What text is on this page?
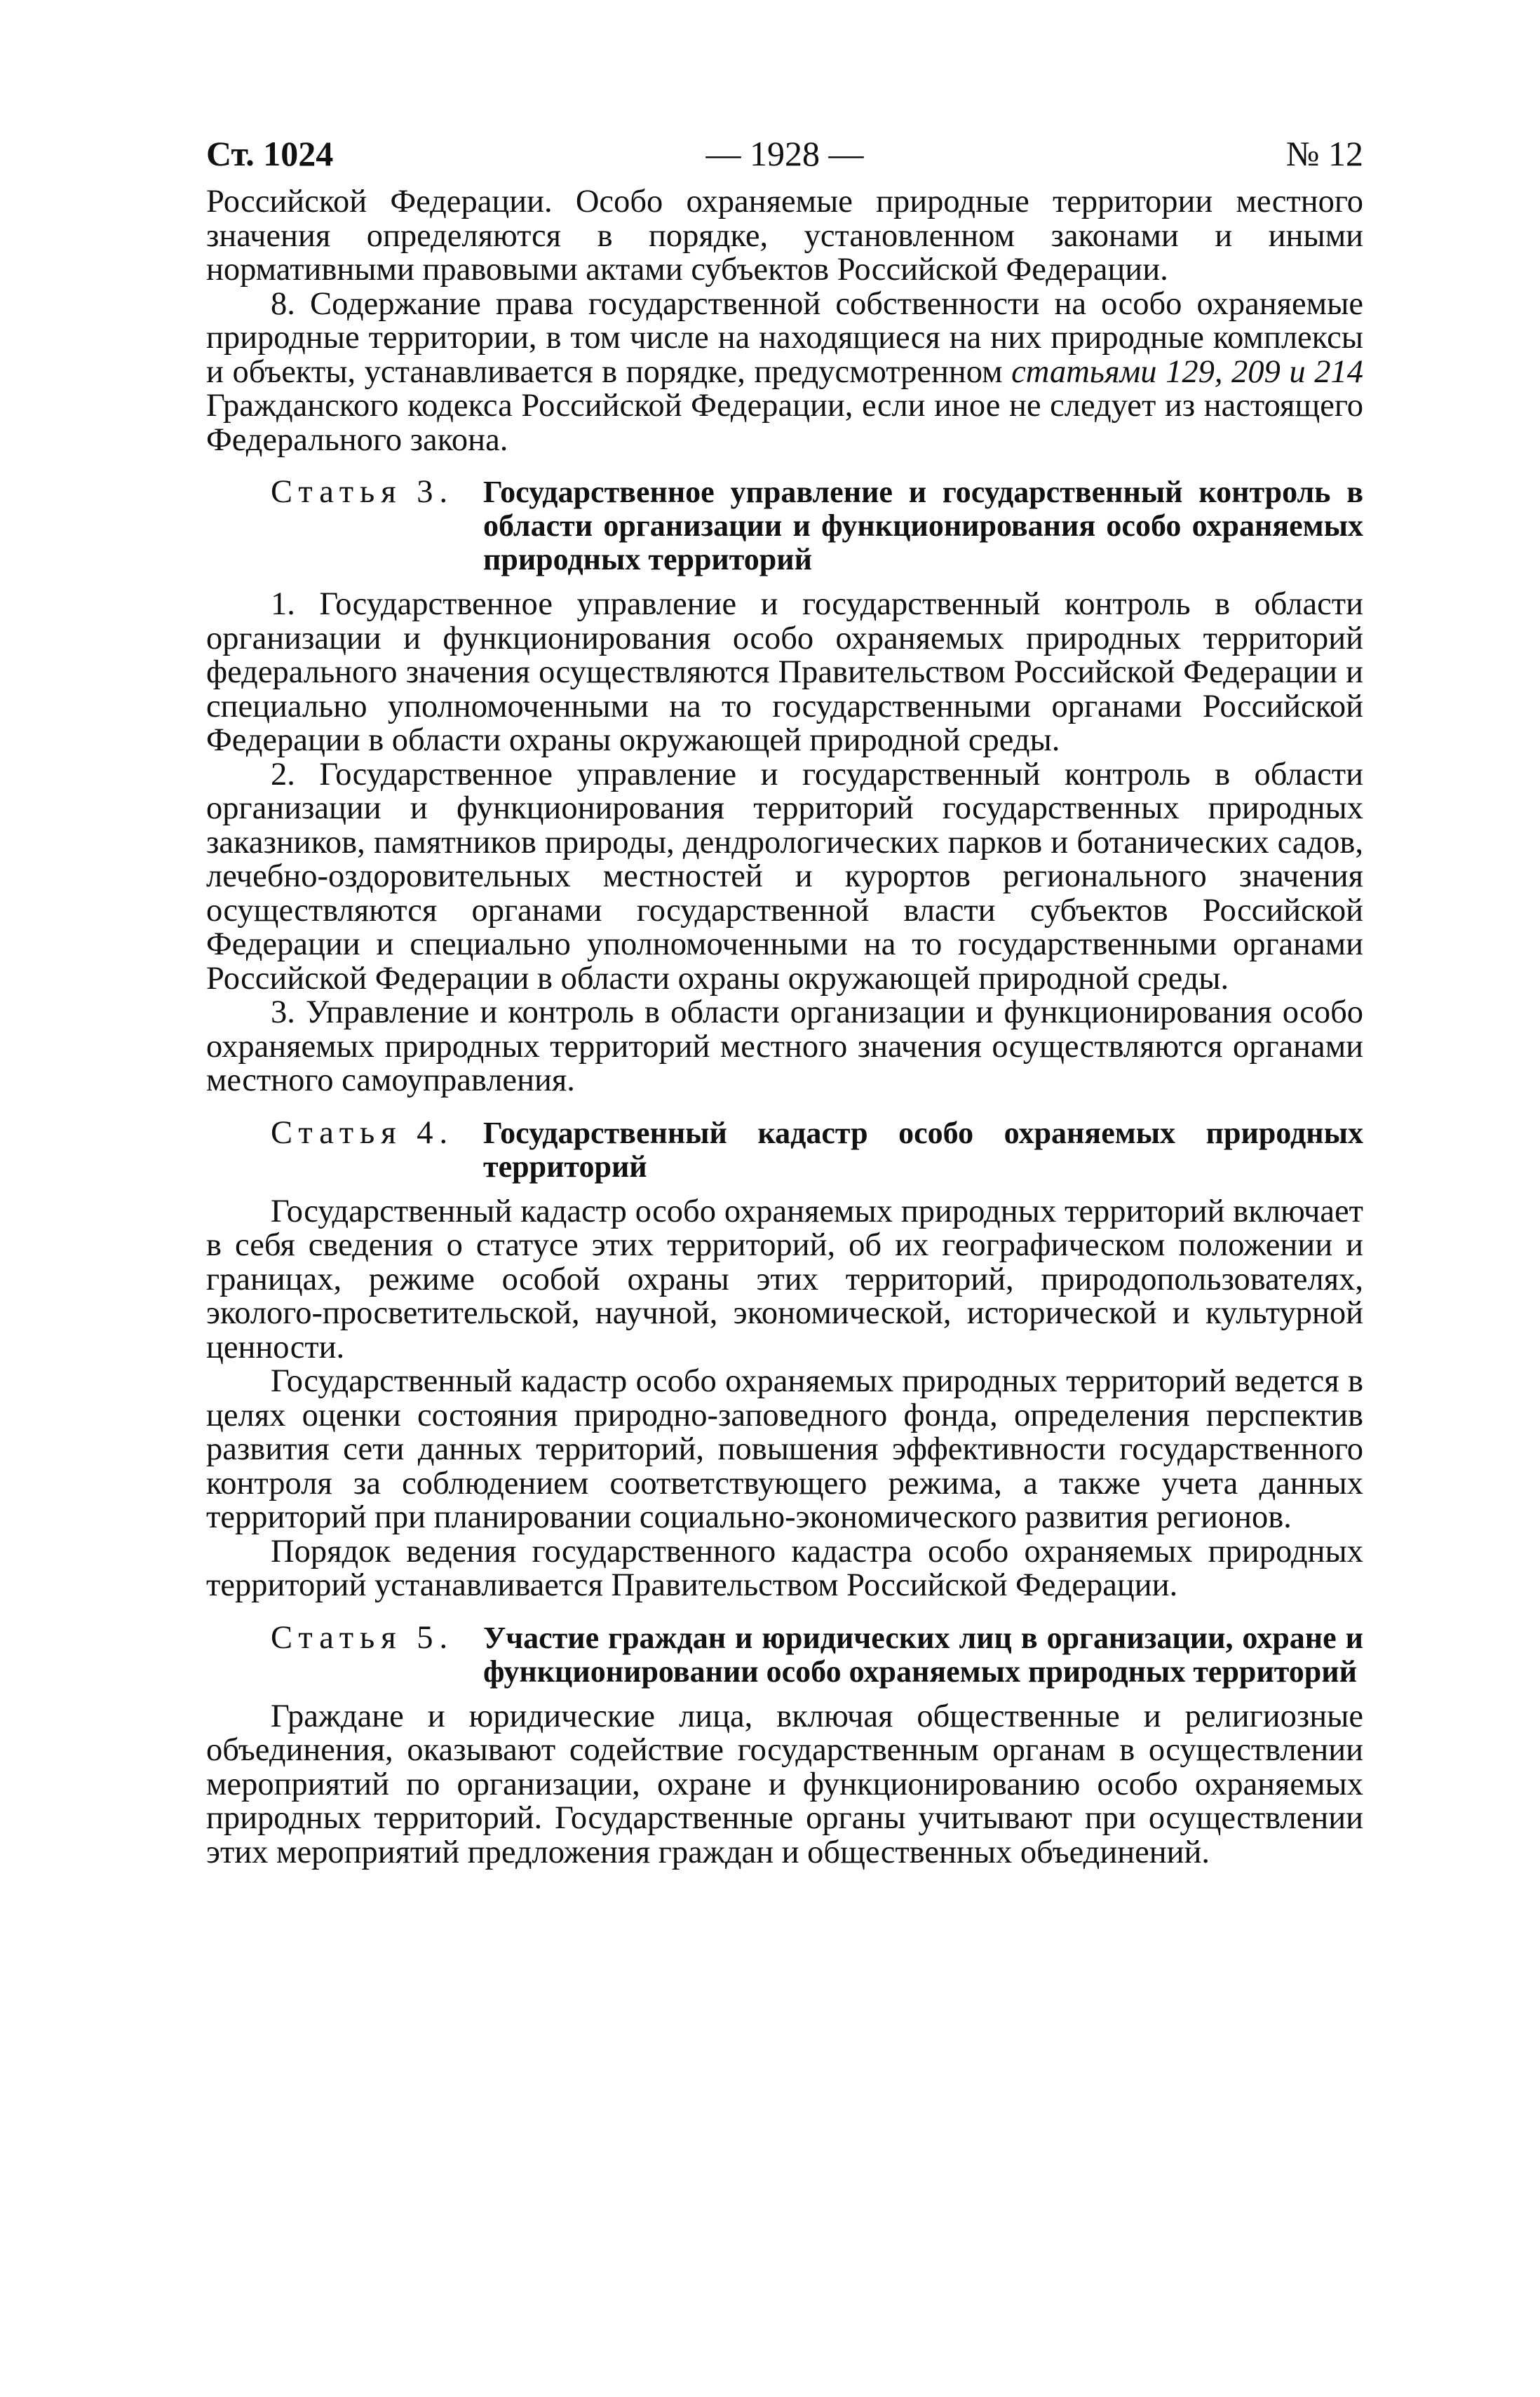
Ст. 1024	— 1928 —	№ 12

Российской Федерации. Особо охраняемые природные территории местного значения определяются в порядке, установленном законами и иными нормативными правовыми актами субъектов Российской Федерации.

8. Содержание права государственной собственности на особо охраняемые природные территории, в том числе на находящиеся на них природные комплексы и объекты, устанавливается в порядке, предусмотренном статьями 129, 209 и 214 Гражданского кодекса Российской Федерации, если иное не следует из настоящего Федерального закона.

Статья 3. Государственное управление и государственный контроль в области организации и функционирования особо охраняемых природных территорий

1. Государственное управление и государственный контроль в области организации и функционирования особо охраняемых природных территорий федерального значения осуществляются Правительством Российской Федерации и специально уполномоченными на то государственными органами Российской Федерации в области охраны окружающей природной среды.

2. Государственное управление и государственный контроль в области организации и функционирования территорий государственных природных заказников, памятников природы, дендрологических парков и ботанических садов, лечебно-оздоровительных местностей и курортов регионального значения осуществляются органами государственной власти субъектов Российской Федерации и специально уполномоченными на то государственными органами Российской Федерации в области охраны окружающей природной среды.

3. Управление и контроль в области организации и функционирования особо охраняемых природных территорий местного значения осуществляются органами местного самоуправления.

Статья 4. Государственный кадастр особо охраняемых природных территорий

Государственный кадастр особо охраняемых природных территорий включает в себя сведения о статусе этих территорий, об их географическом положении и границах, режиме особой охраны этих территорий, природопользователях, эколого-просветительской, научной, экономической, исторической и культурной ценности.

Государственный кадастр особо охраняемых природных территорий ведется в целях оценки состояния природно-заповедного фонда, определения перспектив развития сети данных территорий, повышения эффективности государственного контроля за соблюдением соответствующего режима, а также учета данных территорий при планировании социально-экономического развития регионов.

Порядок ведения государственного кадастра особо охраняемых природных территорий устанавливается Правительством Российской Федерации.

Статья 5. Участие граждан и юридических лиц в организации, охране и функционировании особо охраняемых природных территорий

Граждане и юридические лица, включая общественные и религиозные объединения, оказывают содействие государственным органам в осуществлении мероприятий по организации, охране и функционированию особо охраняемых природных территорий. Государственные органы учитывают при осуществлении этих мероприятий предложения граждан и общественных объединений.
